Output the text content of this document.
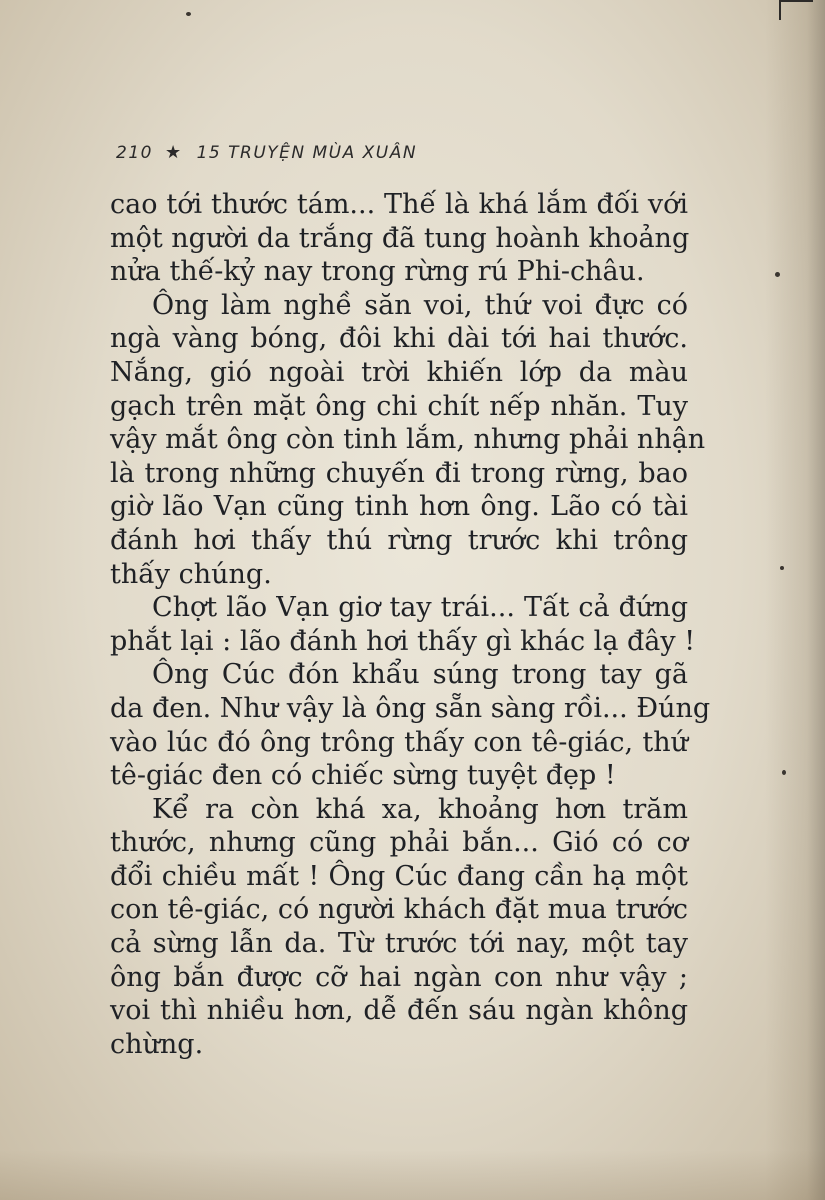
210 ★ 15 TRUYỆN MÙA XUÂN
cao tới thước tám... Thế là khá lắm đối với
một người da trắng đã tung hoành khoảng
nửa thế-kỷ nay trong rừng rú Phi-châu.
Ông làm nghề săn voi, thứ voi đực có
ngà vàng bóng, đôi khi dài tới hai thước.
Nắng, gió ngoài trời khiến lớp da màu
gạch trên mặt ông chi chít nếp nhăn. Tuy
vậy mắt ông còn tinh lắm, nhưng phải nhận
là trong những chuyến đi trong rừng, bao
giờ lão Vạn cũng tinh hơn ông. Lão có tài
đánh hơi thấy thú rừng trước khi trông
thấy chúng.
Chợt lão Vạn giơ tay trái... Tất cả đứng
phắt lại : lão đánh hơi thấy gì khác lạ đây !
Ông Cúc đón khẩu súng trong tay gã
da đen. Như vậy là ông sẵn sàng rồi... Đúng
vào lúc đó ông trông thấy con tê-giác, thứ
tê-giác đen có chiếc sừng tuyệt đẹp !
Kể ra còn khá xa, khoảng hơn trăm
thước, nhưng cũng phải bắn... Gió có cơ
đổi chiều mất ! Ông Cúc đang cần hạ một
con tê-giác, có người khách đặt mua trước
cả sừng lẫn da. Từ trước tới nay, một tay
ông bắn được cỡ hai ngàn con như vậy ;
voi thì nhiều hơn, dễ đến sáu ngàn không
chừng.
